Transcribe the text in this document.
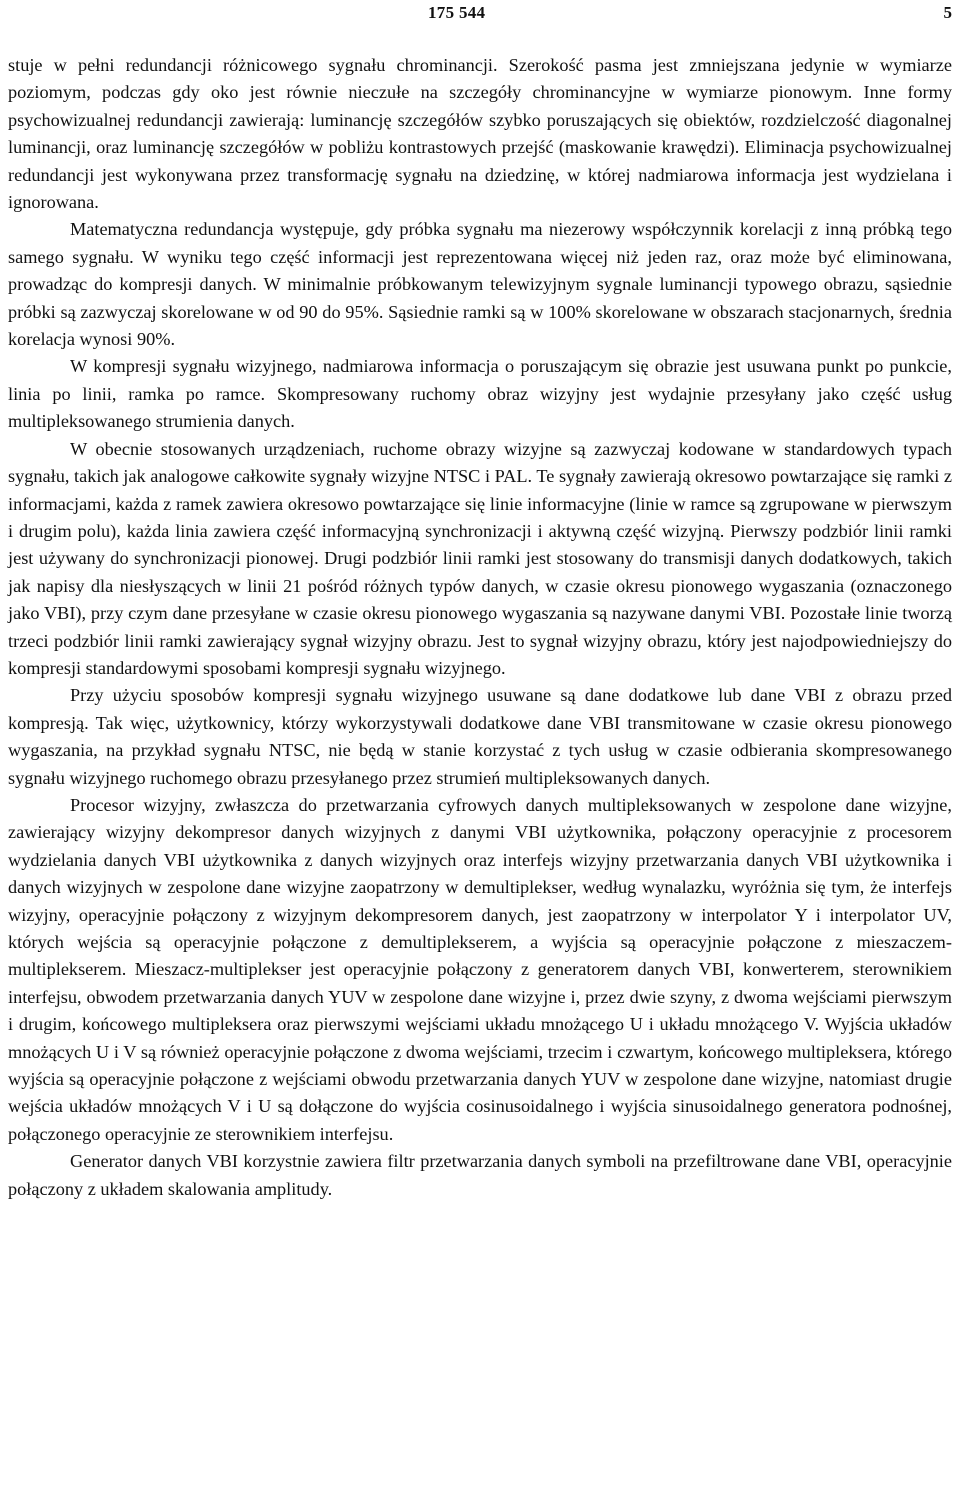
175 544	5

stuje w pełni redundancji różnicowego sygnału chrominancji. Szerokość pasma jest zmniejszana jedynie w wymiarze poziomym, podczas gdy oko jest równie nieczułe na szczegóły chrominancyjne w wymiarze pionowym. Inne formy psychowizualnej redundancji zawierają: luminancję szczegółów szybko poruszających się obiektów, rozdzielczość diagonalnej luminancji, oraz luminancję szczegółów w pobliżu kontrastowych przejść (maskowanie krawędzi). Eliminacja psychowizualnej redundancji jest wykonywana przez transformację sygnału na dziedzinę, w której nadmiarowa informacja jest wydzielana i ignorowana.

Matematyczna redundancja występuje, gdy próbka sygnału ma niezerowy współczynnik korelacji z inną próbką tego samego sygnału. W wyniku tego część informacji jest reprezentowana więcej niż jeden raz, oraz może być eliminowana, prowadząc do kompresji danych. W minimalnie próbkowanym telewizyjnym sygnale luminancji typowego obrazu, sąsiednie próbki są zazwyczaj skorelowane w od 90 do 95%. Sąsiednie ramki są w 100% skorelowane w obszarach stacjonarnych, średnia korelacja wynosi 90%.

W kompresji sygnału wizyjnego, nadmiarowa informacja o poruszającym się obrazie jest usuwana punkt po punkcie, linia po linii, ramka po ramce. Skompresowany ruchomy obraz wizyjny jest wydajnie przesyłany jako część usług multipleksowanego strumienia danych.

W obecnie stosowanych urządzeniach, ruchome obrazy wizyjne są zazwyczaj kodowane w standardowych typach sygnału, takich jak analogowe całkowite sygnały wizyjne NTSC i PAL. Te sygnały zawierają okresowo powtarzające się ramki z informacjami, każda z ramek zawiera okresowo powtarzające się linie informacyjne (linie w ramce są zgrupowane w pierwszym i drugim polu), każda linia zawiera część informacyjną synchronizacji i aktywną część wizyjną. Pierwszy podzbiór linii ramki jest używany do synchronizacji pionowej. Drugi podzbiór linii ramki jest stosowany do transmisji danych dodatkowych, takich jak napisy dla niesłyszących w linii 21 pośród różnych typów danych, w czasie okresu pionowego wygaszania (oznaczonego jako VBI), przy czym dane przesyłane w czasie okresu pionowego wygaszania są nazywane danymi VBI. Pozostałe linie tworzą trzeci podzbiór linii ramki zawierający sygnał wizyjny obrazu. Jest to sygnał wizyjny obrazu, który jest najodpowiedniejszy do kompresji standardowymi sposobami kompresji sygnału wizyjnego.

Przy użyciu sposobów kompresji sygnału wizyjnego usuwane są dane dodatkowe lub dane VBI z obrazu przed kompresją. Tak więc, użytkownicy, którzy wykorzystywali dodatkowe dane VBI transmitowane w czasie okresu pionowego wygaszania, na przykład sygnału NTSC, nie będą w stanie korzystać z tych usług w czasie odbierania skompresowanego sygnału wizyjnego ruchomego obrazu przesyłanego przez strumień multipleksowanych danych.

Procesor wizyjny, zwłaszcza do przetwarzania cyfrowych danych multipleksowanych w zespolone dane wizyjne, zawierający wizyjny dekompresor danych wizyjnych z danymi VBI użytkownika, połączony operacyjnie z procesorem wydzielania danych VBI użytkownika z danych wizyjnych oraz interfejs wizyjny przetwarzania danych VBI użytkownika i danych wizyjnych w zespolone dane wizyjne zaopatrzony w demultiplekser, według wynalazku, wyróżnia się tym, że interfejs wizyjny, operacyjnie połączony z wizyjnym dekompresorem danych, jest zaopatrzony w interpolator Y i interpolator UV, których wejścia są operacyjnie połączone z demultiplekserem, a wyjścia są operacyjnie połączone z mieszaczem-multiplekserem. Mieszacz-multiplekser jest operacyjnie połączony z generatorem danych VBI, konwerterem, sterownikiem interfejsu, obwodem przetwarzania danych YUV w zespolone dane wizyjne i, przez dwie szyny, z dwoma wejściami pierwszym i drugim, końcowego multipleksera oraz pierwszymi wejściami układu mnożącego U i układu mnożącego V. Wyjścia układów mnożących U i V są również operacyjnie połączone z dwoma wejściami, trzecim i czwartym, końcowego multipleksera, którego wyjścia są operacyjnie połączone z wejściami obwodu przetwarzania danych YUV w zespolone dane wizyjne, natomiast drugie wejścia układów mnożących V i U są dołączone do wyjścia cosinusoidalnego i wyjścia sinusoidalnego generatora podnośnej, połączonego operacyjnie ze sterownikiem interfejsu.

Generator danych VBI korzystnie zawiera filtr przetwarzania danych symboli na przefiltrowane dane VBI, operacyjnie połączony z układem skalowania amplitudy.
